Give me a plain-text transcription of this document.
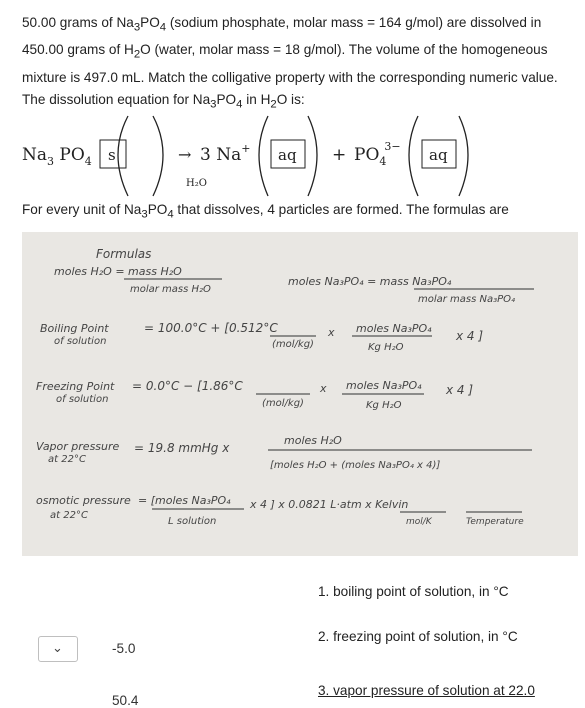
50.00 grams of $Na_3PO_4$ (sodium phosphate, molar mass = 164 g/mol) are dissolved in 450.00 grams of $H_2O$ (water, molar mass = 18 g/mol). The volume of the homogeneous mixture is 497.0 mL. Match the colligative property with the corresponding numeric value. The dissolution equation for $Na_3PO_4$ in $H_2O$ is:

$Na_3$ $PO_4$ s	→
H₂O
3 Na+ aq + $PO_43-$ aq

For every unit of $Na_3PO_4$ that dissolves, 4 particles are formed. The formulas are

Formulas
moles H₂O = mass H₂O
molar mass H₂O
moles Na₃PO₄ = mass Na₃PO₄
molar mass Na₃PO₄
Boiling Point
of solution
= 100.0°C + [0.512°C
(mol/kg)
x moles Na₃PO₄
Kg H₂O
x 4 ]
Freezing Point
of solution
= 0.0°C − [1.86°C
(mol/kg)
x moles Na₃PO₄
Kg H₂O
x 4 ]
Vapor pressure
at 22°C
= 19.8 mmHg x
moles H₂O
[moles H₂O + (moles Na₃PO₄ x 4)]
osmotic pressure
at 22°C
= [moles Na₃PO₄
L solution
x 4 ] x 0.0821 L·atm x Kelvin
mol/K	Temperature

1. boiling point of solution, in °C

2. freezing point of solution, in °C

3. vapor pressure of solution at 22.0

⌄	-5.0

50.4
